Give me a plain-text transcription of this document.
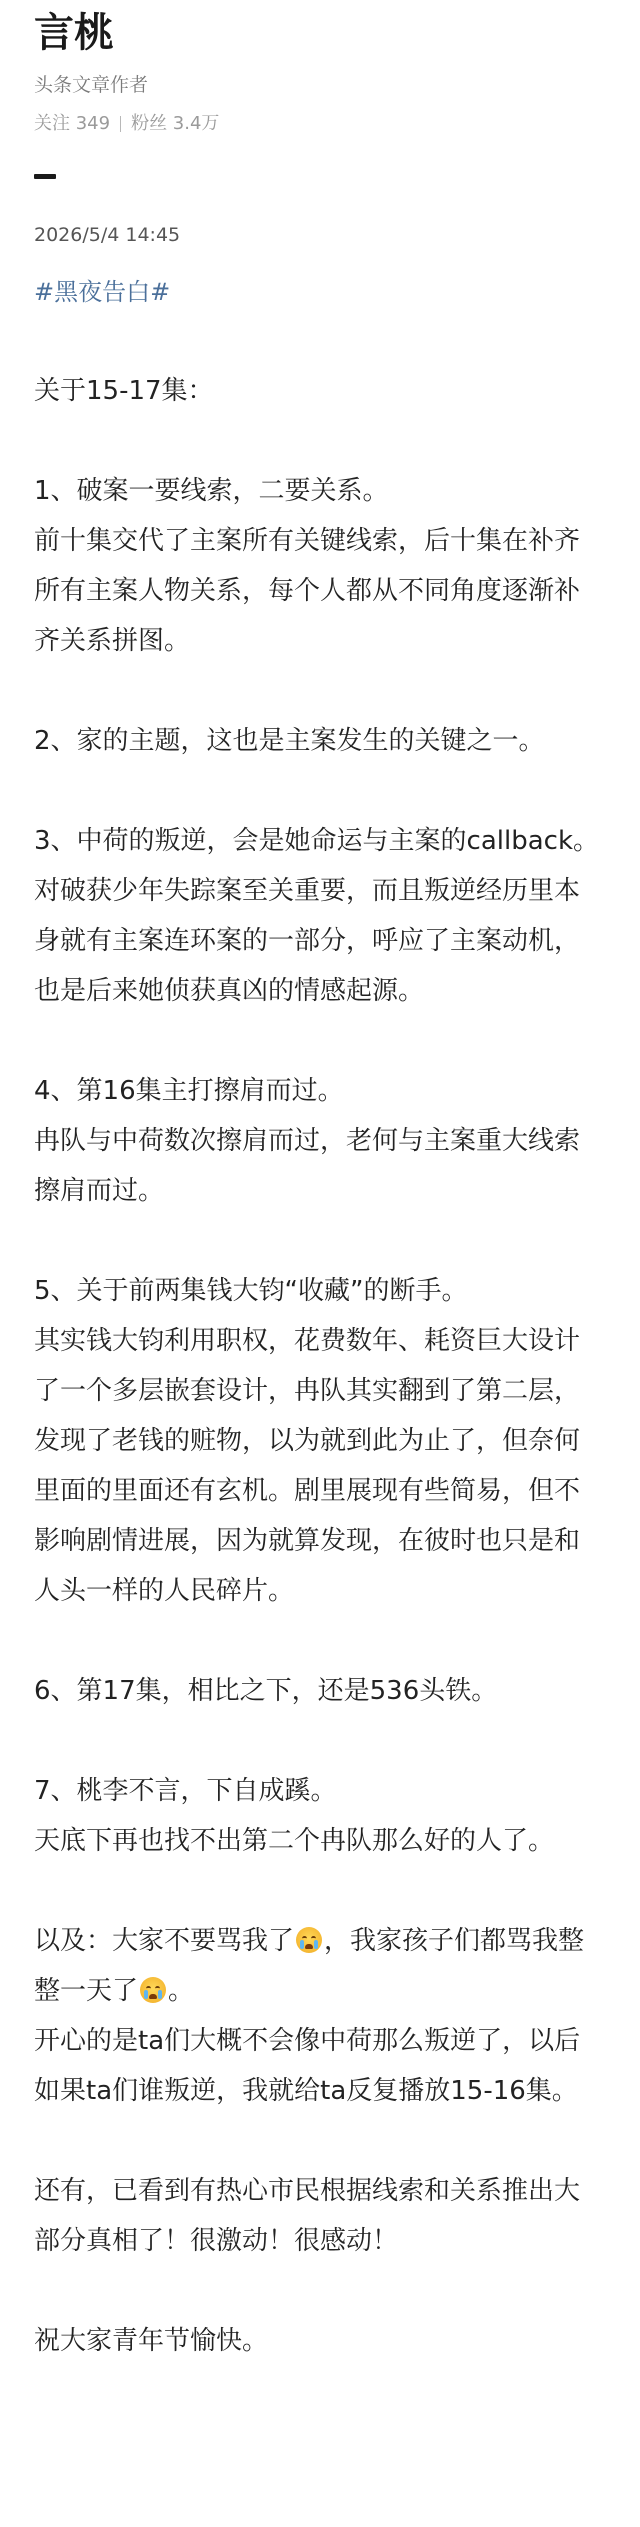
言桃
头条文章作者
关注 349 粉丝 3.4万
2026/5/4 14:45
#黑夜告白#

关于15-17集：

1、破案一要线索，二要关系。
前十集交代了主案所有关键线索，后十集在补齐
所有主案人物关系，每个人都从不同角度逐渐补
齐关系拼图。

2、家的主题，这也是主案发生的关键之一。

3、中荷的叛逆，会是她命运与主案的callback。
对破获少年失踪案至关重要，而且叛逆经历里本
身就有主案连环案的一部分，呼应了主案动机，
也是后来她侦获真凶的情感起源。

4、第16集主打擦肩而过。
冉队与中荷数次擦肩而过，老何与主案重大线索
擦肩而过。

5、关于前两集钱大钧“收藏”的断手。
其实钱大钧利用职权，花费数年、耗资巨大设计
了一个多层嵌套设计，冉队其实翻到了第二层，
发现了老钱的赃物，以为就到此为止了，但奈何
里面的里面还有玄机。剧里展现有些简易，但不
影响剧情进展，因为就算发现，在彼时也只是和
人头一样的人民碎片。

6、第17集，相比之下，还是536头铁。

7、桃李不言，下自成蹊。
天底下再也找不出第二个冉队那么好的人了。

以及：大家不要骂我了 ，我家孩子们都骂我整
整一天了 。
开心的是ta们大概不会像中荷那么叛逆了，以后
如果ta们谁叛逆，我就给ta反复播放15-16集。

还有，已看到有热心市民根据线索和关系推出大
部分真相了！很激动！很感动！

祝大家青年节愉快。
